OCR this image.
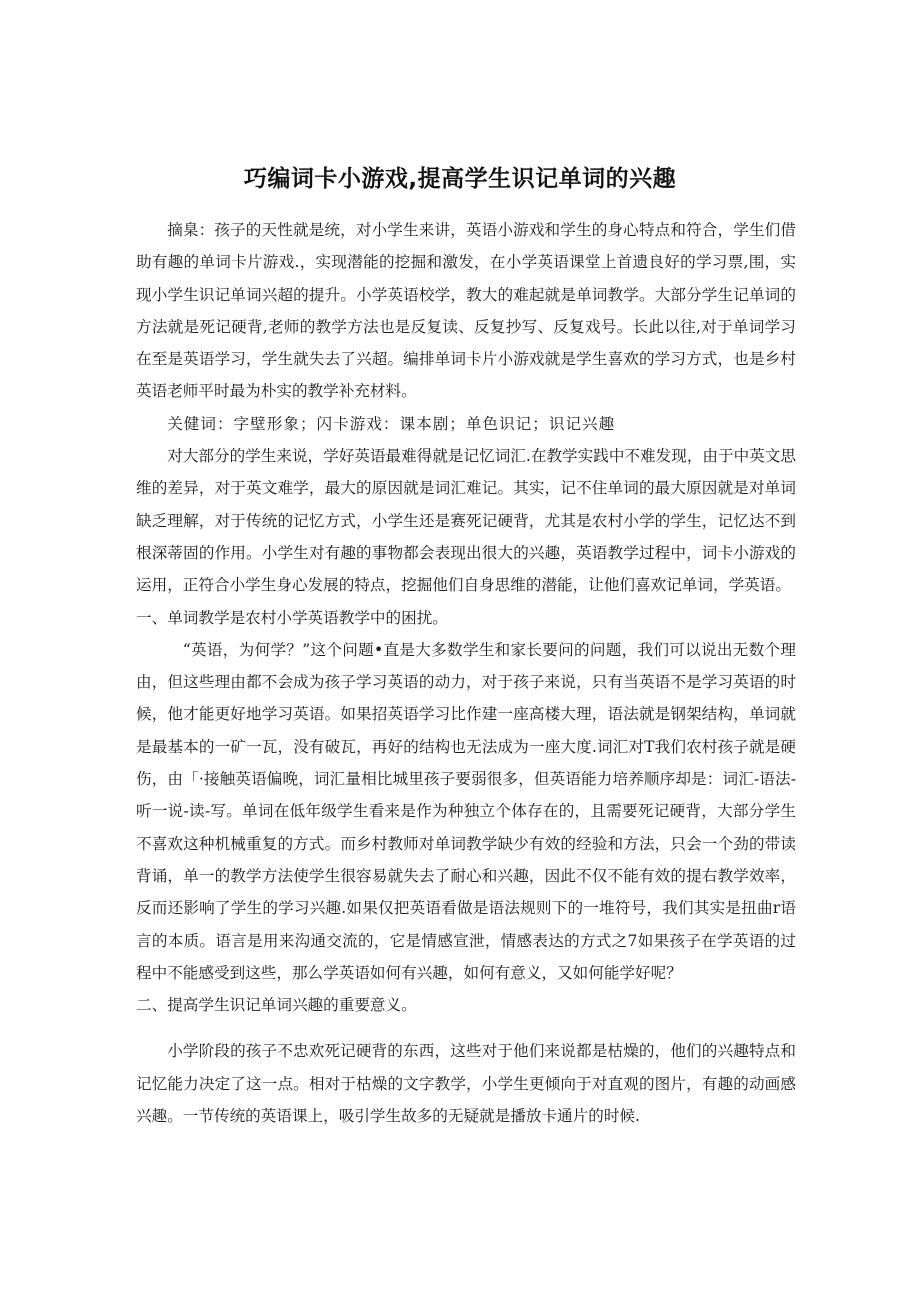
巧编词卡小游戏,提高学生识记单词的兴趣

摘臬：孩子的天性就是统，对小学生来讲，英语小游戏和学生的身心特点和符合，学生们借助有趣的单词卡片游戏.，实现潜能的挖掘和激发，在小学英语课堂上首遗良好的学习票,围，实现小学生识记单词兴超的提升。小学英语校学，教大的难起就是单词教学。大部分学生记单词的方法就是死记硬背,老师的教学方法也是反复读、反复抄写、反复戏号。长此以往,对于单词学习在至是英语学习，学生就失去了兴超。编排单词卡片小游戏就是学生喜欢的学习方式，也是乡村英语老师平时最为朴实的教学补充材料。

关健词：字壁形象；闪卡游戏：课本剧；单色识记；识记兴趣

对大部分的学生来说，学好英语最难得就是记忆词汇.在教学实践中不难发现，由于中英文思维的差异，对于英文难学，最大的原因就是词汇难记。其实，记不住单词的最大原因就是对单词缺乏理解，对于传统的记忆方式，小学生还是赛死记硬背，尤其是农村小学的学生，记忆达不到根深蒂固的作用。小学生对有趣的事物都会表现出很大的兴趣，英语教学过程中，词卡小游戏的运用，正符合小学生身心发展的特点，挖掘他们自身思维的潜能，让他们喜欢记单词，学英语。

一、单词教学是农村小学英语教学中的困扰。

“英语，为何学？”这个问题•直是大多数学生和家长要问的问题，我们可以说出无数个理由，但这些理由都不会成为孩子学习英语的动力，对于孩子来说，只有当英语不是学习英语的时候，他才能更好地学习英语。如果招英语学习比作建一座高楼大理，语法就是钢架结构，单词就是最基本的一矿一瓦，没有破瓦，再好的结构也无法成为一座大度.词汇对T我们农村孩子就是硬伤，由「·接触英语偏晚，词汇量相比城里孩子要弱很多，但英语能力培养顺序却是：词汇-语法-听一说-读-写。单词在低年级学生看来是作为种独立个体存在的，且需要死记硬背，大部分学生不喜欢这种机械重复的方式。而乡村教师对单词教学缺少有效的经验和方法，只会一个劲的带读背诵，单一的教学方法使学生很容易就失去了耐心和兴趣，因此不仅不能有效的提右教学效率，反而还影响了学生的学习兴趣.如果仅把英语看做是语法规则下的一堆符号，我们其实是扭曲r语言的本质。语言是用来沟通交流的，它是情感宣泄，情感表达的方式之7如果孩子在学英语的过程中不能感受到这些，那么学英语如何有兴趣，如何有意义，又如何能学好呢？

二、提高学生识记单词兴趣的重要意义。

小学阶段的孩子不忠欢死记硬背的东西，这些对于他们来说都是枯燥的，他们的兴趣特点和记忆能力决定了这一点。相对于枯燥的文字教学，小学生更倾向于对直观的图片，有趣的动画感兴趣。一节传统的英语课上，吸引学生故多的无疑就是播放卡通片的时候.
